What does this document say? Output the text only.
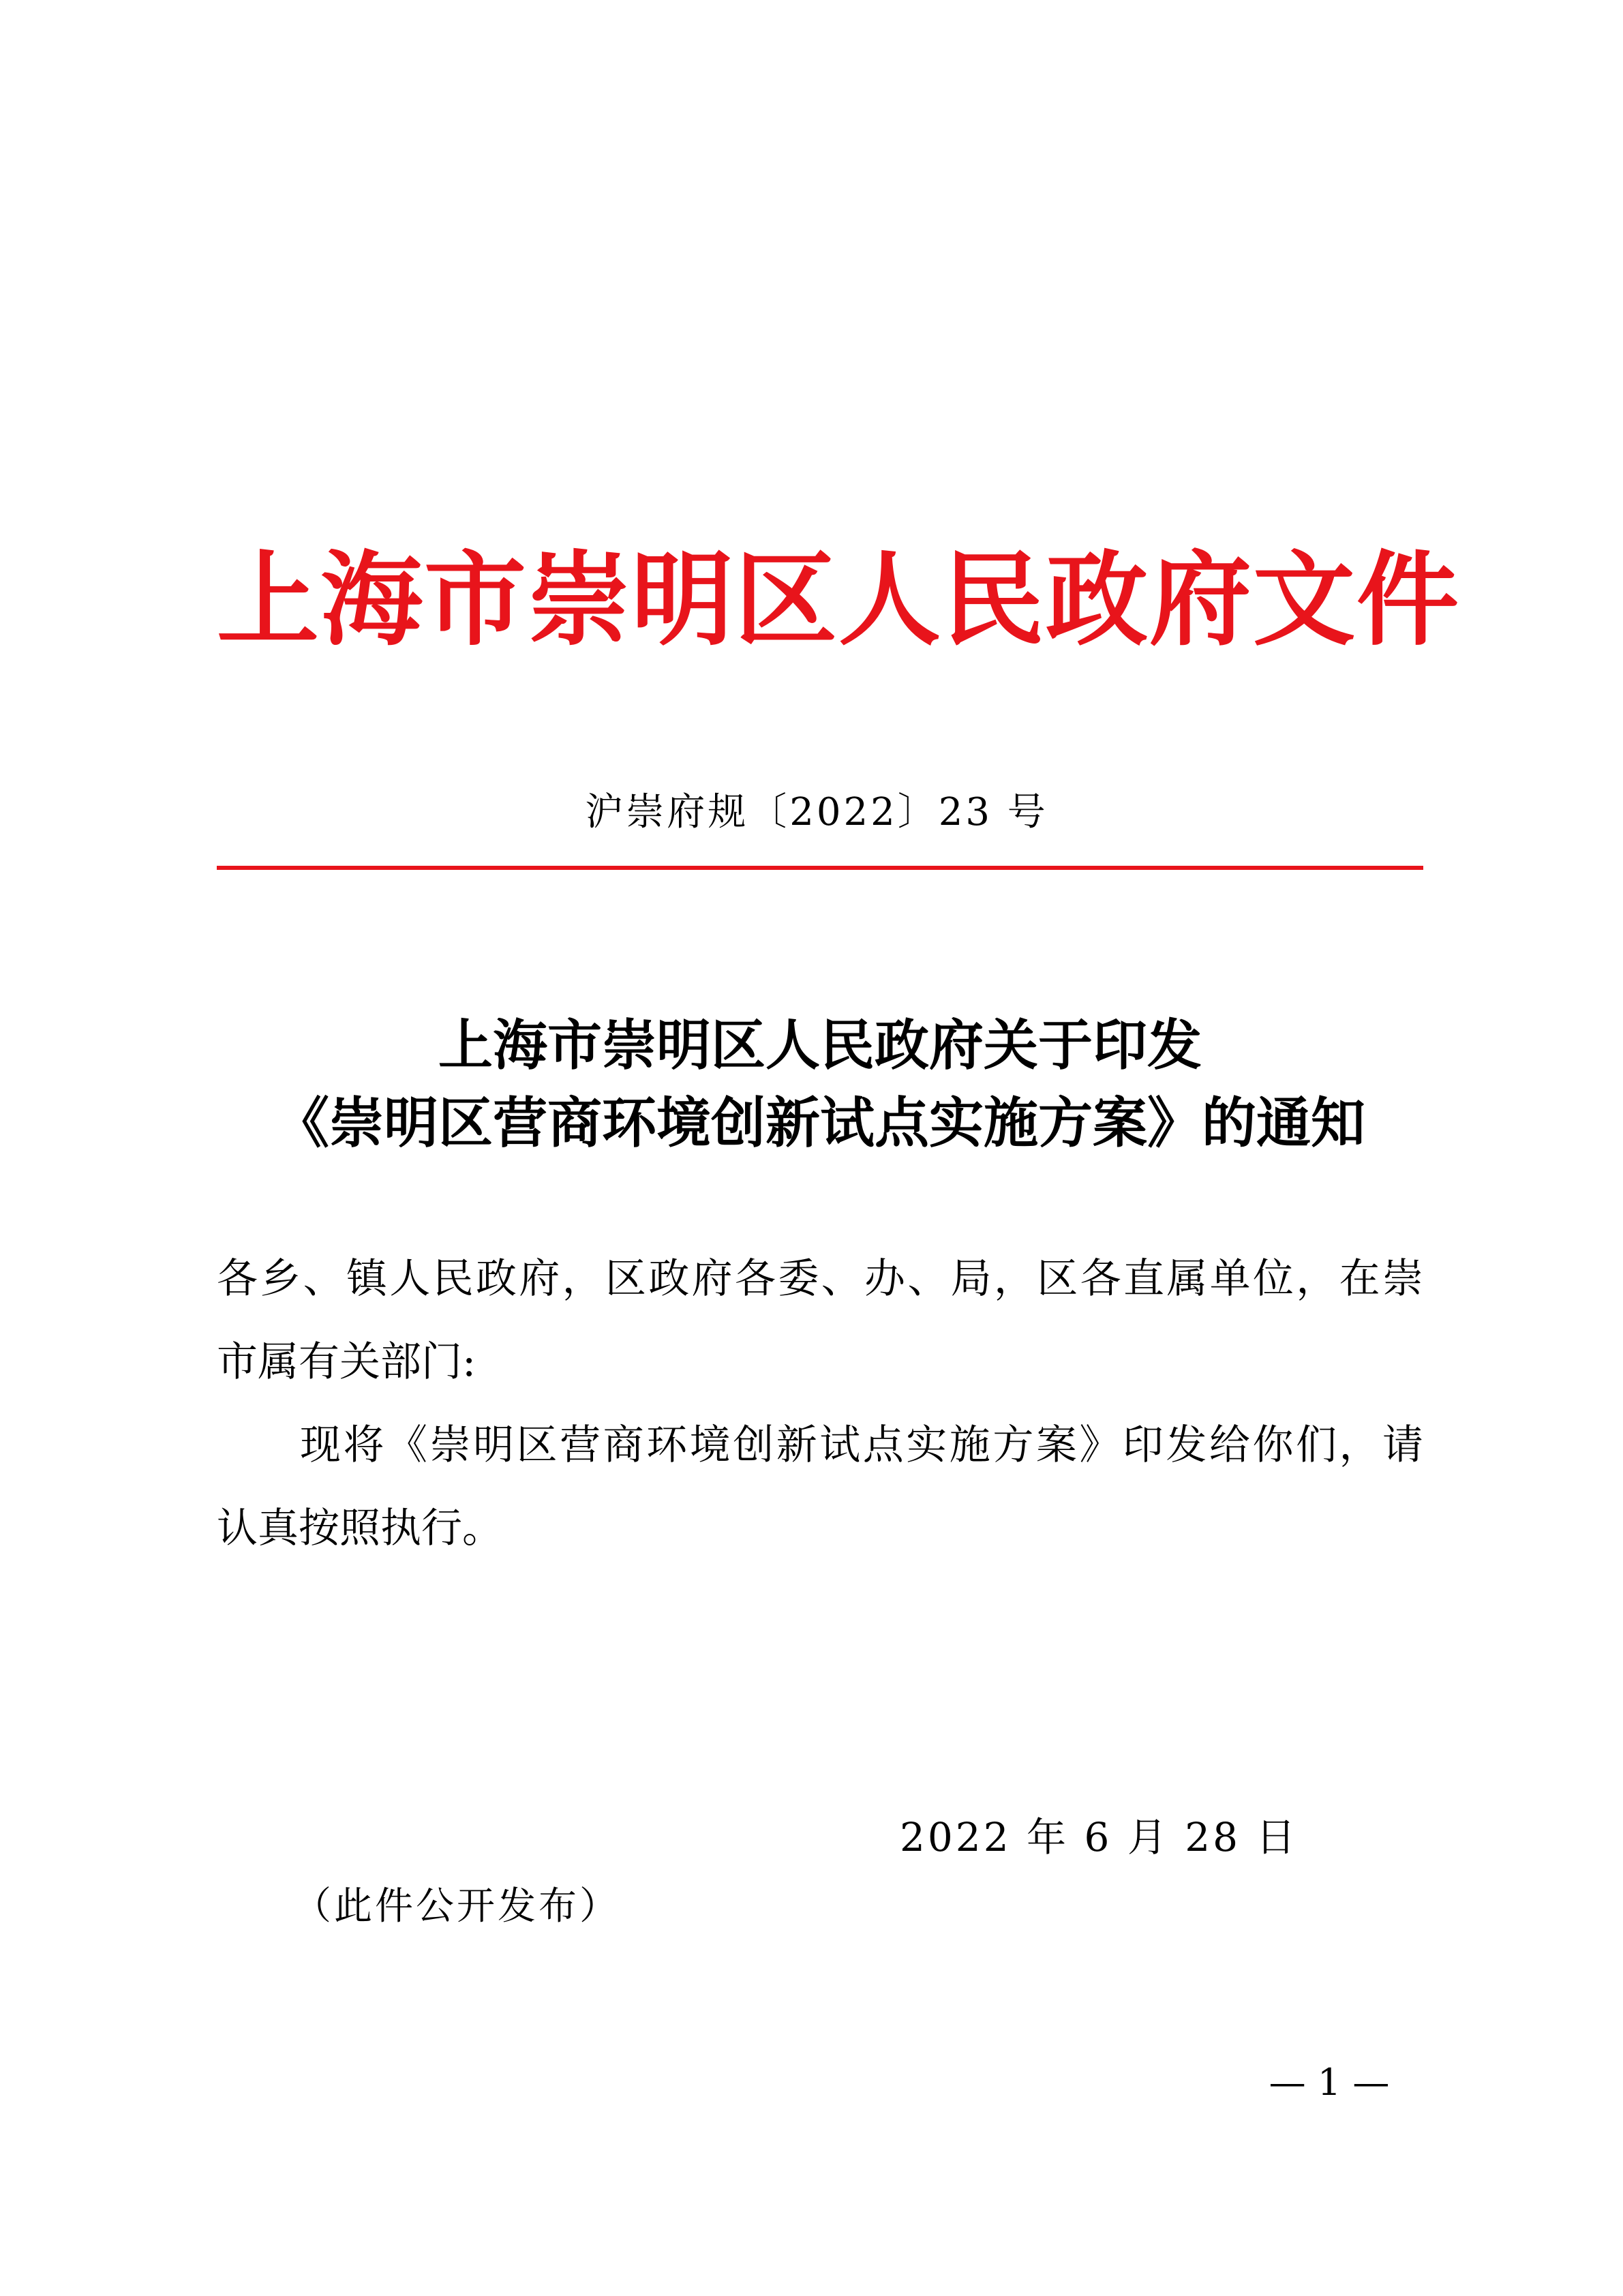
上海市崇明区人民政府文件
沪崇府规〔2022〕23 号
上海市崇明区人民政府关于印发
《崇明区营商环境创新试点实施方案》的通知
各乡、镇人民政府，区政府各委、办、局，区各直属单位，在崇
市属有关部门:
现将《崇明区营商环境创新试点实施方案》印发给你们，请
认真按照执行。
2022 年 6 月 28 日
（此件公开发布）
— 1 —
